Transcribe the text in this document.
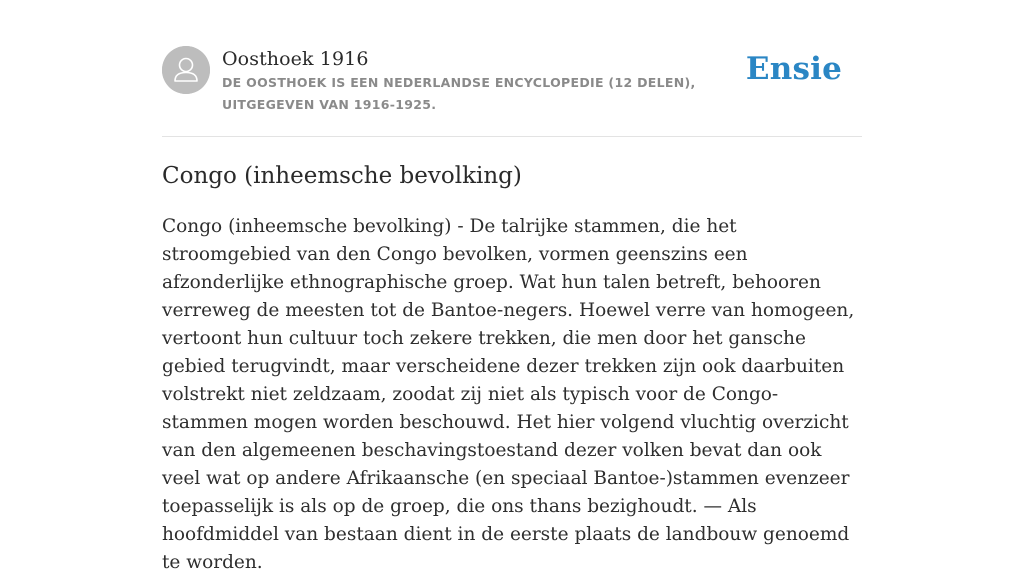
Oosthoek 1916
DE OOSTHOEK IS EEN NEDERLANDSE ENCYCLOPEDIE (12 DELEN), UITGEGEVEN VAN 1916-1925.
Ensie
Congo (inheemsche bevolking)
Congo (inheemsche bevolking) - De talrijke stammen, die het stroomgebied van den Congo bevolken, vormen geenszins een afzonderlijke ethnographische groep. Wat hun talen betreft, behooren verreweg de meesten tot de Bantoe-negers. Hoewel verre van homogeen, vertoont hun cultuur toch zekere trekken, die men door het gansche gebied terugvindt, maar verscheidene dezer trekken zijn ook daarbuiten volstrekt niet zeldzaam, zoodat zij niet als typisch voor de Congo-stammen mogen worden beschouwd. Het hier volgend vluchtig overzicht van den algemeenen beschavingstoestand dezer volken bevat dan ook veel wat op andere Afrikaansche (en speciaal Bantoe-)stammen evenzeer toepasselijk is als op de groep, die ons thans bezighoudt. — Als hoofdmiddel van bestaan dient in de eerste plaats de landbouw genoemd te worden.
